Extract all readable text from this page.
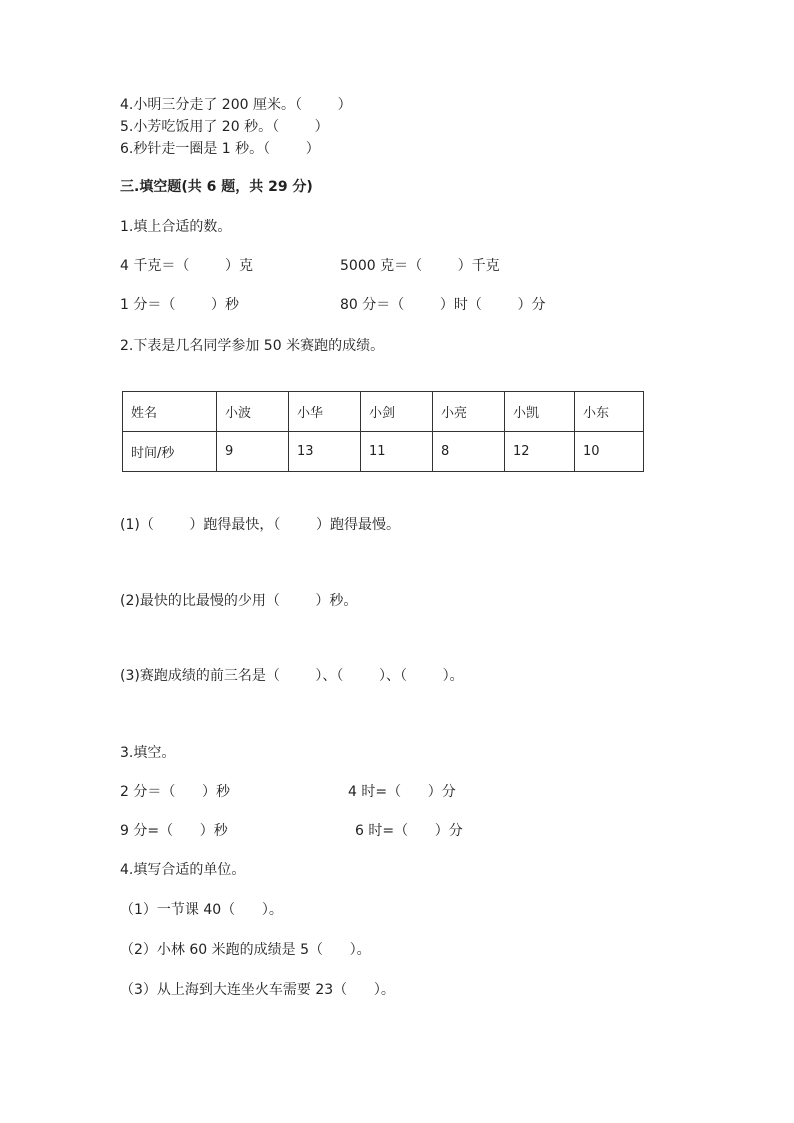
4.小明三分走了 200 厘米。（        ）
5.小芳吃饭用了 20 秒。（        ）
6.秒针走一圈是 1 秒。（        ）
三.填空题(共 6 题，共 29 分)
1.填上合适的数。
4 千克＝（        ）克	5000 克＝（        ）千克
1 分＝（        ）秒	80 分＝（        ）时（        ）分
2.下表是几名同学参加 50 米赛跑的成绩。
姓名	小波	小华	小剑	小亮	小凯	小东
时间/秒	9	13	11	8	12	10
(1)（        ）跑得最快，（        ）跑得最慢。
(2)最快的比最慢的少用（        ）秒。
(3)赛跑成绩的前三名是（        ）、（        ）、（        ）。
3.填空。
2 分＝（      ）秒	4 时=（      ）分
9 分=（      ）秒	6 时=（      ）分
4.填写合适的单位。
（1）一节课 40（      ）。
（2）小林 60 米跑的成绩是 5（      ）。
（3）从上海到大连坐火车需要 23（      ）。
